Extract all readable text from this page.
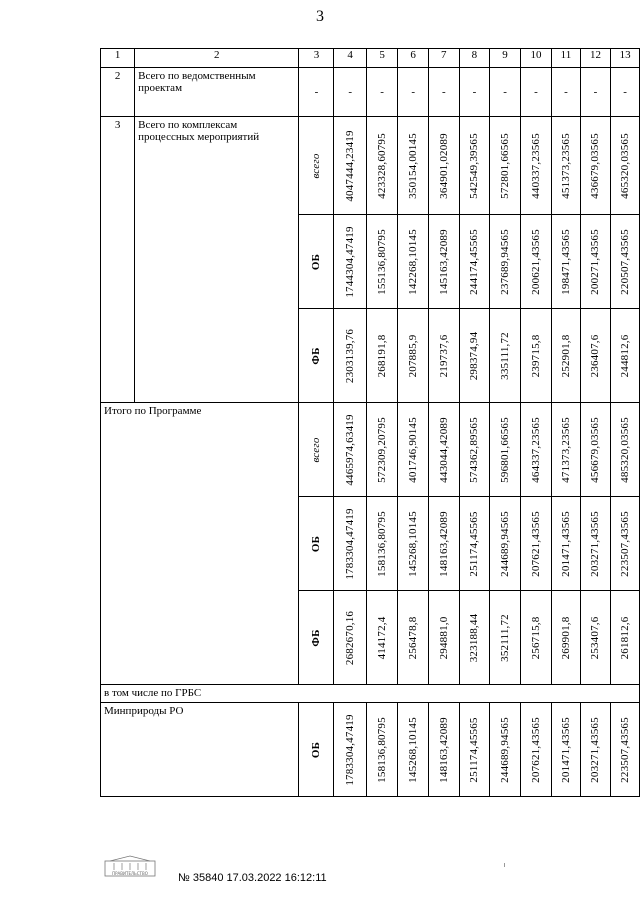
3
1	2	3	4	5	6	7	8	9	10	11	12	13
2	Всего по ведомственным проектам	-	-	-	-	-	-	-	-	-	-	-
3	Всего по комплексам процессных мероприятий	всего	4047444,23419	423328,60795	350154,00145	364901,02089	542549,39565	572801,66565	440337,23565	451373,23565	436679,03565	465320,03565

		ОБ	1744304,47419	155136,80795	142268,10145	145163,42089	244174,45565	237689,94565	200621,43565	198471,43565	200271,43565	220507,43565

		ФБ	2303139,76	268191,8	207885,9	219737,6	298374,94	335111,72	239715,8	252901,8	236407,6	244812,6

Итого по Программе		всего	4465974,63419	572309,20795	401746,90145	443044,42089	574362,89565	596801,66565	464337,23565	471373,23565	456679,03565	485320,03565

		ОБ	1783304,47419	158136,80795	145268,10145	148163,42089	251174,45565	244689,94565	207621,43565	201471,43565	203271,43565	223507,43565

		ФБ	2682670,16	414172,4	256478,8	294881,0	323188,44	352111,72	256715,8	269901,8	253407,6	261812,6

в том числе по ГРБС												
Минприроды РО		ОБ	1783304,47419	158136,80795	145268,10145	148163,42089	251174,45565	244689,94565	207621,43565	201471,43565	203271,43565	223507,43565
ПРАВИТЕЛЬСТВО	№ 35840 17.03.2022 16:12:11
